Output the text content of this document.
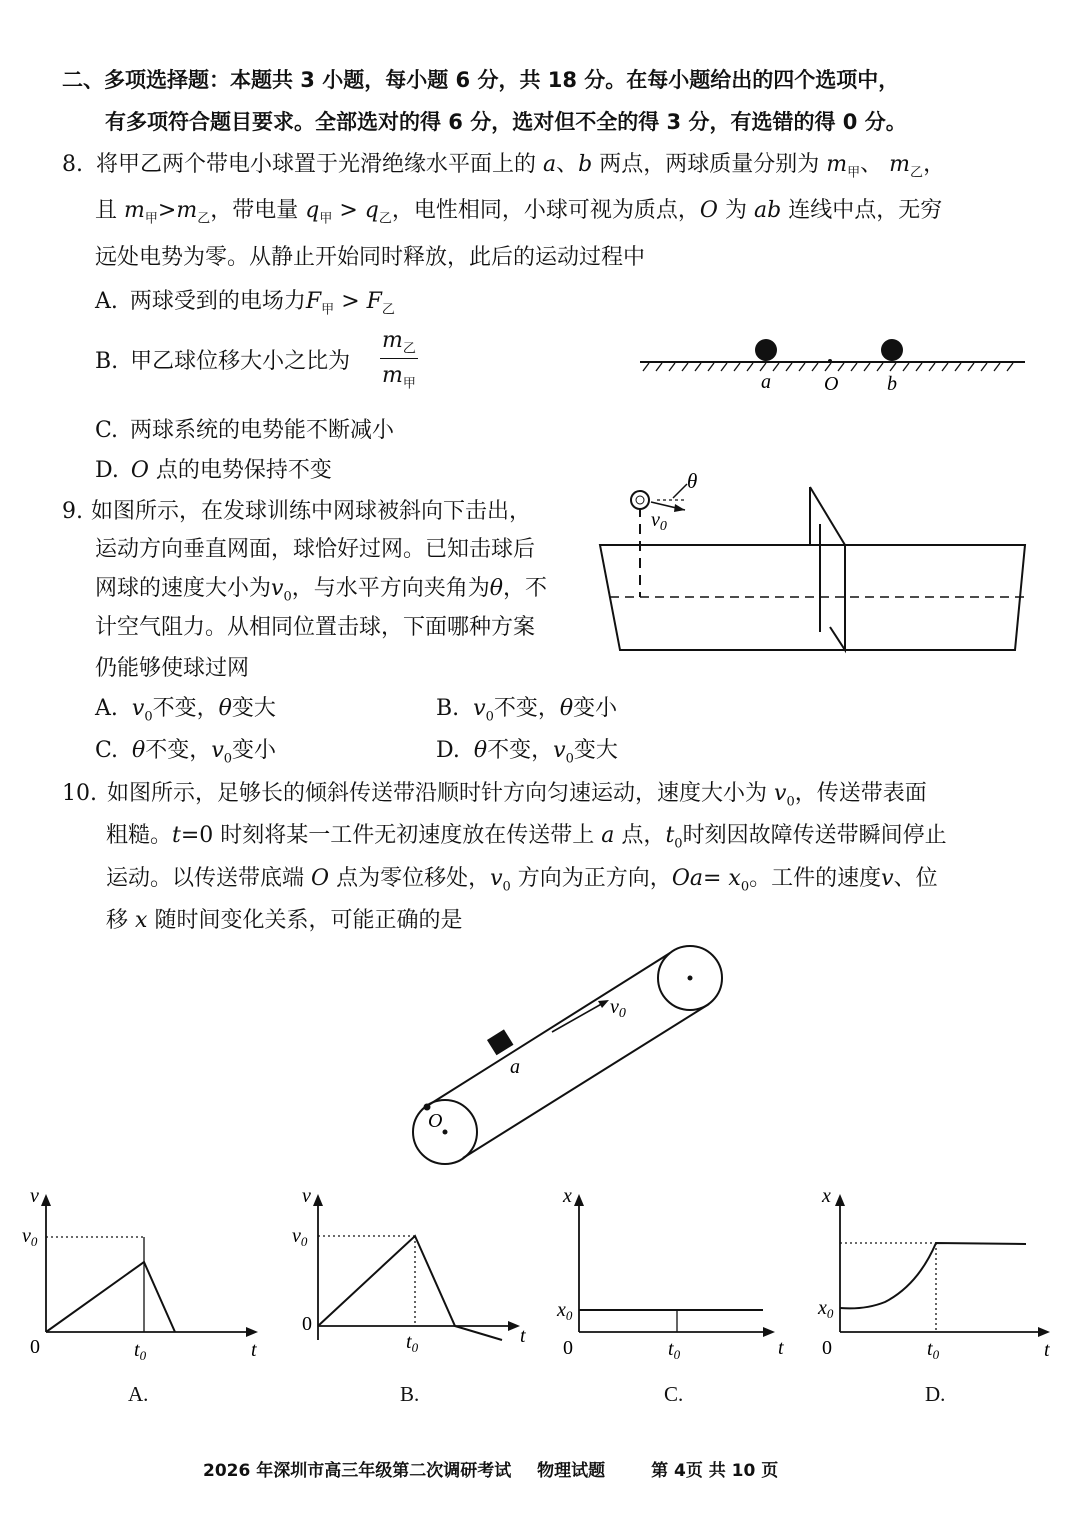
二、多项选择题：本题共 3 小题，每小题 6 分，共 18 分。在每小题给出的四个选项中，
有多项符合题目要求。全部选对的得 6 分，选对但不全的得 3 分，有选错的得 0 分。
8. 将甲乙两个带电小球置于光滑绝缘水平面上的 a、b 两点，两球质量分别为 $m_甲$、 $m_乙$，
且 $m_甲>m_乙$，带电量 $q_甲 > q_乙$，电性相同，小球可视为质点，O 为 ab 连线中点，无穷
远处电势为零。从静止开始同时释放，此后的运动过程中
A. 两球受到的电场力$F_甲 > F_乙$
B. 甲乙球位移大小之比为
$m_乙$
$m_甲$
C. 两球系统的电势能不断减小
D. O 点的电势保持不变
a	O b
9. 如图所示，在发球训练中网球被斜向下击出，
运动方向垂直网面，球恰好过网。已知击球后
网球的速度大小为$v_0$，与水平方向夹角为θ，不
计空气阻力。从相同位置击球，下面哪种方案
仍能够使球过网
A. $v_0$不变，θ变大	B. $v_0$不变，θ变小
C. θ不变，$v_0$变小	D. θ不变，$v_0$变大
θ
$v_0$
10. 如图所示，足够长的倾斜传送带沿顺时针方向匀速运动，速度大小为 $v_0$，传送带表面
粗糙。t=0 时刻将某一工件无初速度放在传送带上 a 点，$t_0$时刻因故障传送带瞬间停止
运动。以传送带底端 O 点为零位移处，$v_0$ 方向为正方向，$Oa= x_0$。工件的速度v、位
移 x 随时间变化关系，可能正确的是
a
O
$v_0$
v
t
0
$v_0$
$t_0$
A.
v
t
0
$v_0$
$t_0$
B.
x
t
0
$x_0$
$t_0$
C.
x
t
0
$x_0$
$t_0$
D.
2026 年深圳市高三年级第二次调研考试 物理试题	第 4页 共 10 页
